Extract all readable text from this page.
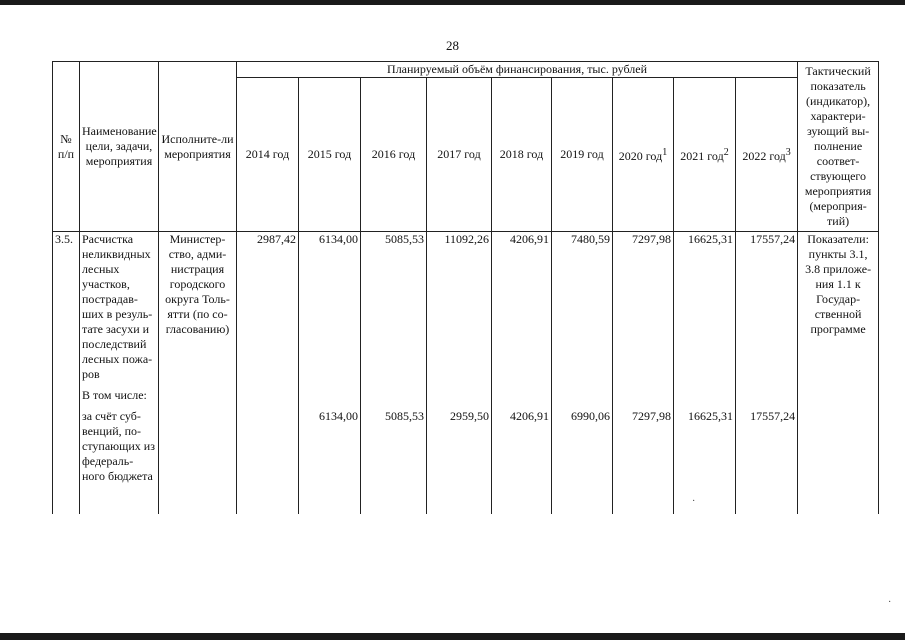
28
№ п/п	Наименование цели, задачи, мероприятия	Исполнитe-ли мероприятия	Планируемый объём финансирования, тыс. рублей									Тактический показатель (индикатор), характери-зующий вы-полнение соответ-ствующего мероприятия (мероприя-тий)
			2014 год	2015 год	2016 год	2017 год	2018 год	2019 год	2020 год$^1$	2021 год$^2$	2022 год$^3$
3.5.	Расчистка неликвидных лесных участков, пострадав-ших в резуль-тате засухи и последствий лесных пожа-ров	Министер-ство, адми-нистрация городского округа Толь-ятти (по со-гласованию)	2987,42	6134,00	5085,53	11092,26	4206,91	7480,59	7297,98	16625,31	17557,24	Показатели: пункты 3.1, 3.8 приложе-ния 1.1 к Государ-ственной программе

	В том числе:											

	за счёт суб-венций, по-ступающих из федераль-ного бюджета			6134,00	5085,53	2959,50	4206,91	6990,06	7297,98	16625,31	17557,24	

·
·
